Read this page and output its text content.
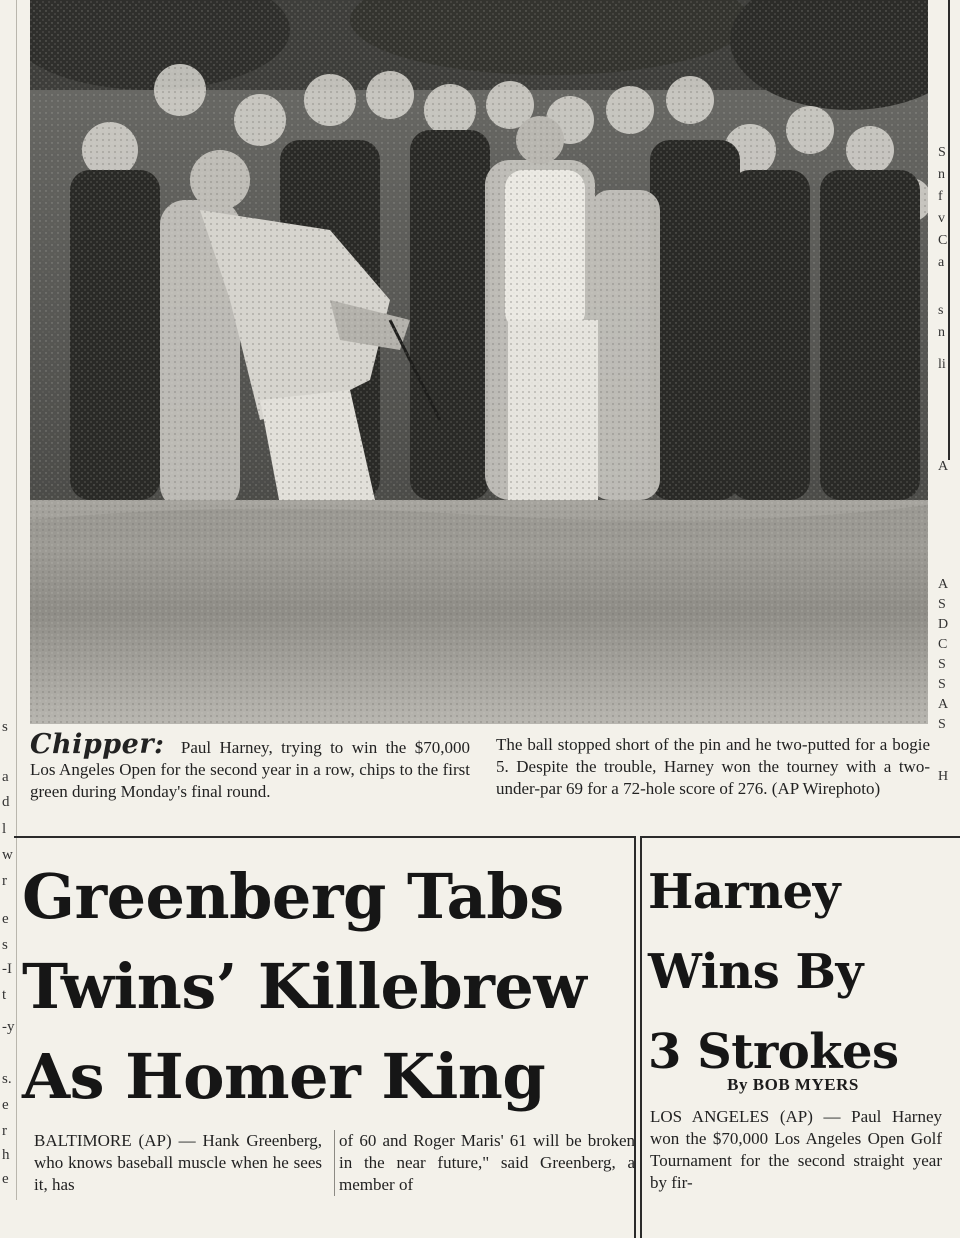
s
a
d
l
w
r
e
s
-I
t
-y
s.
e
r
h
e
S
n
f
v
C
a
s
n
li
A
A
S
D
C
S
S
A
S
H
Chipper: Paul Harney, trying to win the $70,000 Los Angeles Open for the second year in a row, chips to the first green during Monday's final round.
The ball stopped short of the pin and he two-putted for a bogie 5. Despite the trouble, Harney won the tourney with a two-under-par 69 for a 72-hole score of 276. (AP Wirephoto)
Greenberg Tabs
Twins’ Killebrew
As Homer King

BALTIMORE (AP) — Hank Greenberg, who knows baseball muscle when he sees it, has

of 60 and Roger Maris' 61 will be broken in the near future," said Greenberg, a member of

Harney
Wins By
3 Strokes
By BOB MYERS

LOS ANGELES (AP) — Paul Harney won the $70,000 Los Angeles Open Golf Tournament for the second straight year by fir-
